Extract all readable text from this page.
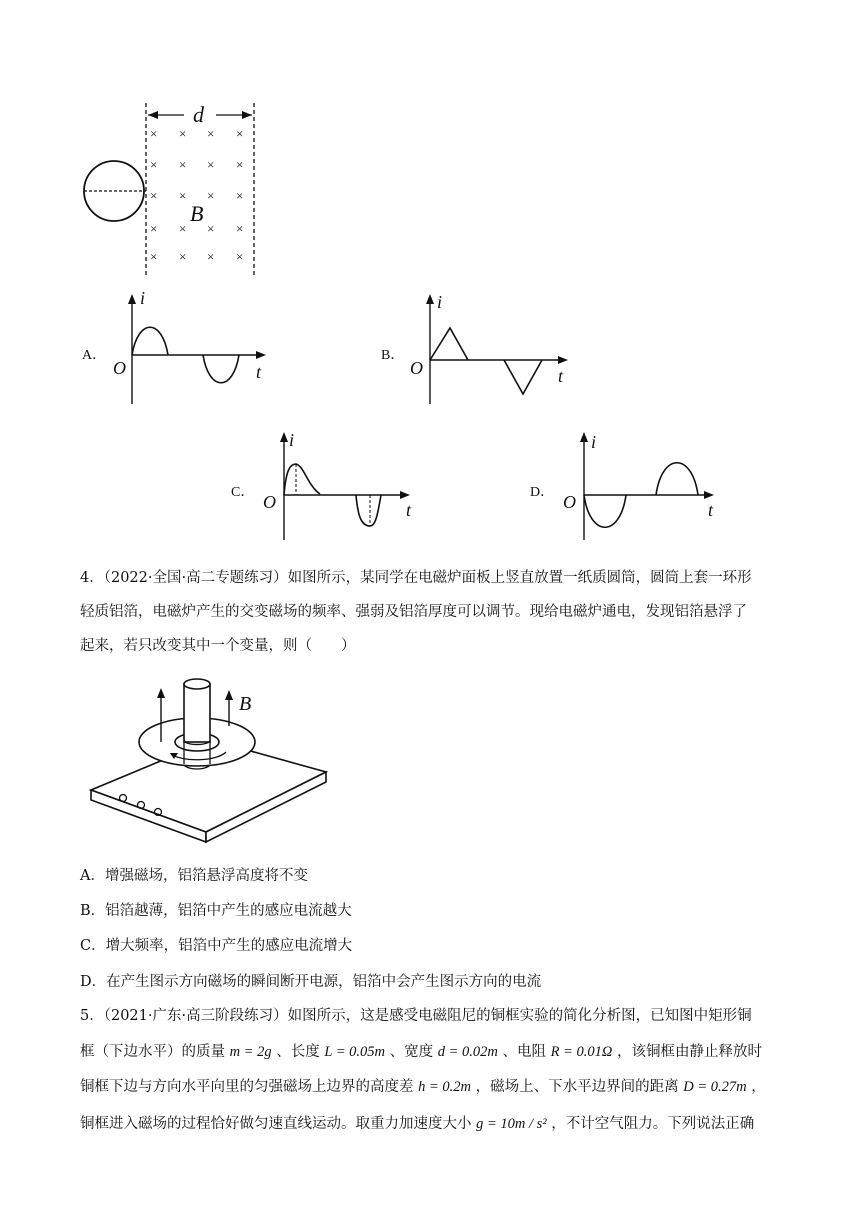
d
× × × ×
× × × ×
× × × ×
× × × ×
× × × ×
B
A．
i
t
O
B．
i
t
O
C．
i
t
O	D．
i
t
O
4．（2022·全国·高二专题练习）如图所示，某同学在电磁炉面板上竖直放置一纸质圆筒，圆筒上套一环形
轻质铝箔，电磁炉产生的交变磁场的频率、强弱及铝箔厚度可以调节。现给电磁炉通电，发现铝箔悬浮了
起来，若只改变其中一个变量，则（　　）
B
A．增强磁场，铝箔悬浮高度将不变
B．铝箔越薄，铝箔中产生的感应电流越大
C．增大频率，铝箔中产生的感应电流增大
D．在产生图示方向磁场的瞬间断开电源，铝箔中会产生图示方向的电流
5．（2021·广东·高三阶段练习）如图所示，这是感受电磁阻尼的铜框实验的简化分析图，已知图中矩形铜
框（下边水平）的质量 m = 2g 、长度 L = 0.05m 、宽度 d = 0.02m 、电阻 R = 0.01Ω ，该铜框由静止释放时
铜框下边与方向水平向里的匀强磁场上边界的高度差 h = 0.2m ，磁场上、下水平边界间的距离 D = 0.27m ，
铜框进入磁场的过程恰好做匀速直线运动。取重力加速度大小 g = 10m / s² ，不计空气阻力。下列说法正确
